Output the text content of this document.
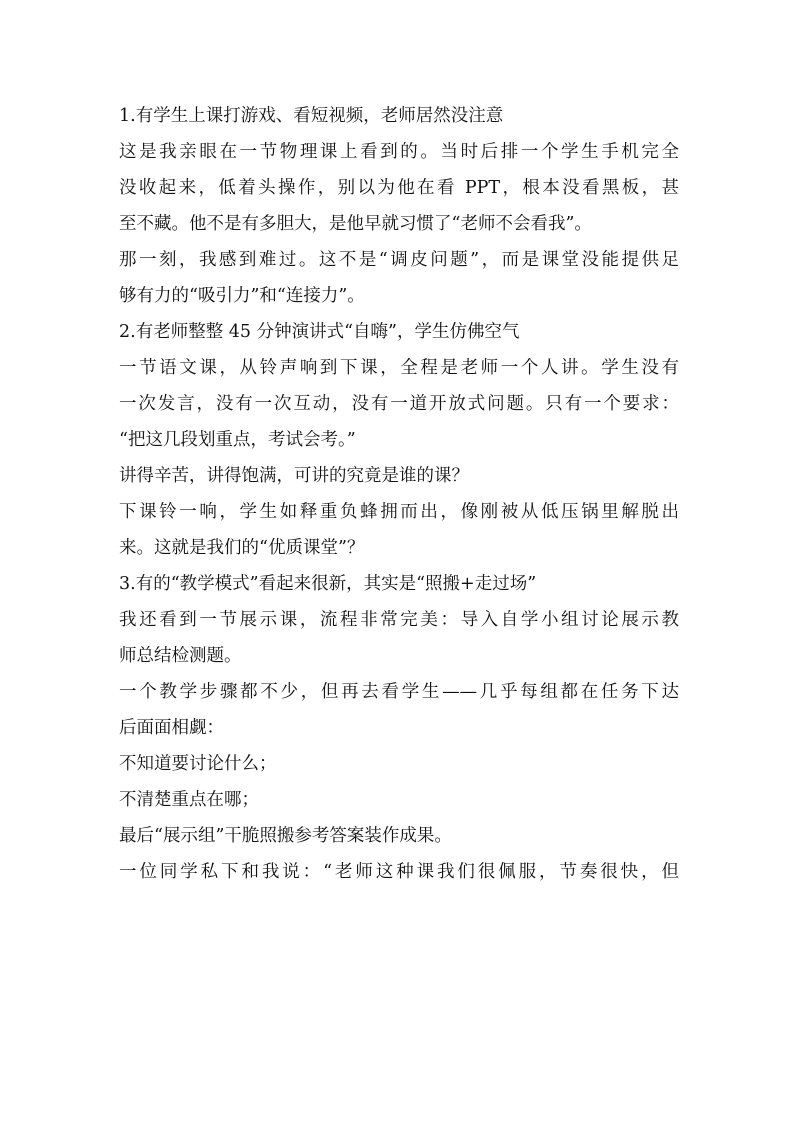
1.有学生上课打游戏、看短视频，老师居然没注意
这是我亲眼在一节物理课上看到的。当时后排一个学生手机完全
没收起来，低着头操作，别以为他在看 PPT，根本没看黑板，甚
至不藏。他不是有多胆大，是他早就习惯了“老师不会看我”。
那一刻，我感到难过。这不是“调皮问题”，而是课堂没能提供足
够有力的“吸引力”和“连接力”。
2.有老师整整 45 分钟演讲式“自嗨”，学生仿佛空气
一节语文课，从铃声响到下课，全程是老师一个人讲。学生没有
一次发言，没有一次互动，没有一道开放式问题。只有一个要求：
“把这几段划重点，考试会考。”
讲得辛苦，讲得饱满，可讲的究竟是谁的课？
下课铃一响，学生如释重负蜂拥而出，像刚被从低压锅里解脱出
来。这就是我们的“优质课堂”？
3.有的“教学模式”看起来很新，其实是“照搬+走过场”
我还看到一节展示课，流程非常完美：导入自学小组讨论展示教
师总结检测题。
一个教学步骤都不少，但再去看学生——几乎每组都在任务下达
后面面相觑：
不知道要讨论什么；
不清楚重点在哪；
最后“展示组”干脆照搬参考答案装作成果。
一位同学私下和我说：“老师这种课我们很佩服，节奏很快，但
